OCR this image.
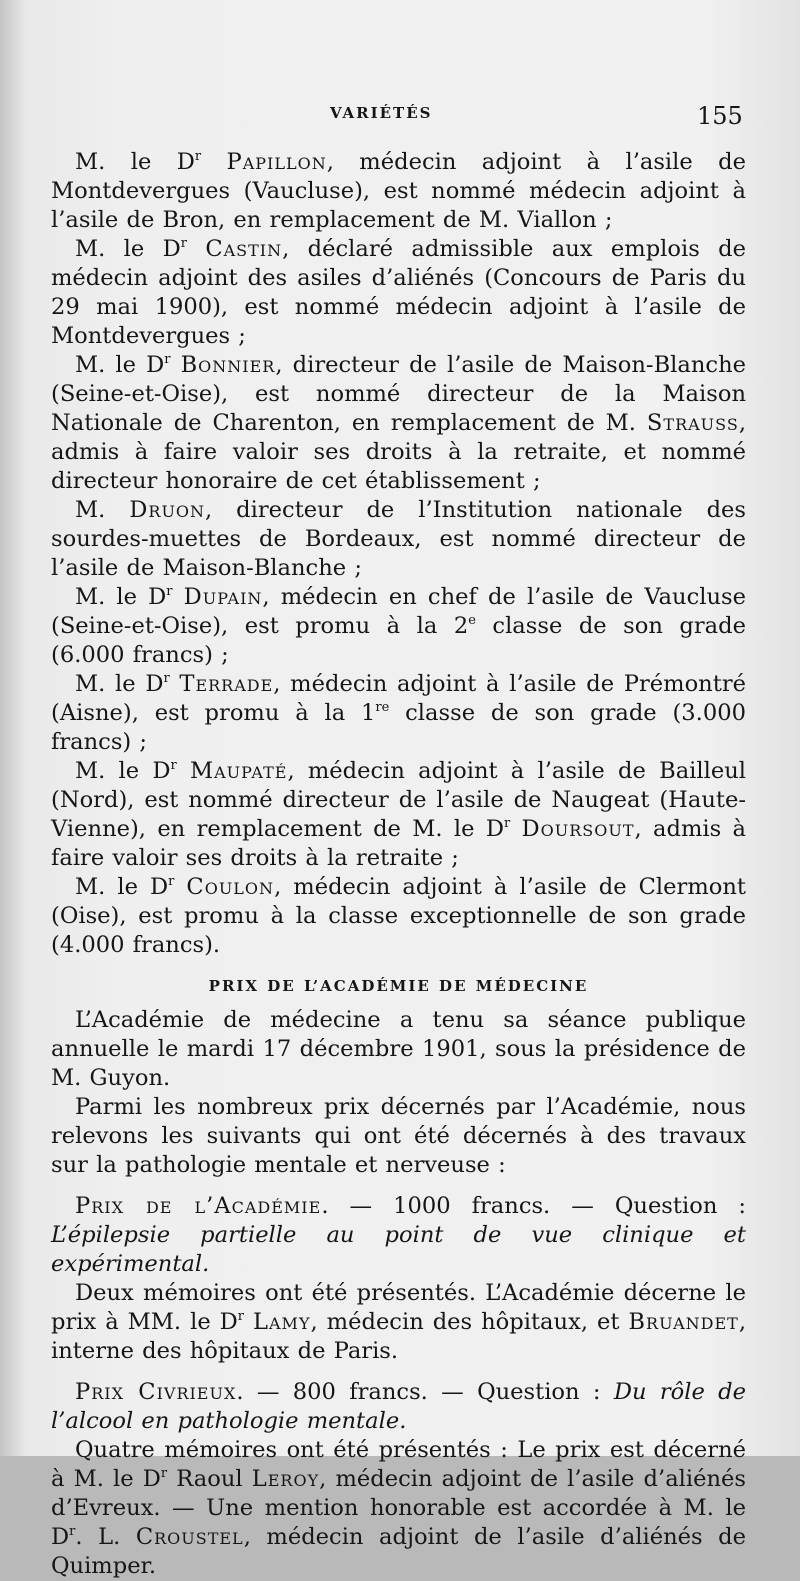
VARIÉTÉS	155

M. le $D^r$ Papillon, médecin adjoint à l’asile de Montdevergues (Vaucluse), est nommé médecin adjoint à l’asile de Bron, en remplacement de M. Viallon ;

M. le $D^r$ Castin, déclaré admissible aux emplois de médecin adjoint des asiles d’aliénés (Concours de Paris du 29 mai 1900), est nommé médecin adjoint à l’asile de Montdevergues ;

M. le $D^r$ Bonnier, directeur de l’asile de Maison-Blanche (Seine-et-Oise), est nommé directeur de la Maison Nationale de Charenton, en remplacement de M. Strauss, admis à faire valoir ses droits à la retraite, et nommé directeur honoraire de cet établissement ;

M. Druon, directeur de l’Institution nationale des sourdes-muettes de Bordeaux, est nommé directeur de l’asile de Maison-Blanche ;

M. le $D^r$ Dupain, médecin en chef de l’asile de Vaucluse (Seine-et-Oise), est promu à la 2e classe de son grade (6.000 francs) ;

M. le $D^r$ Terrade, médecin adjoint à l’asile de Prémontré (Aisne), est promu à la 1re classe de son grade (3.000 francs) ;

M. le $D^r$ Maupaté, médecin adjoint à l’asile de Bailleul (Nord), est nommé directeur de l’asile de Naugeat (Haute-Vienne), en remplacement de M. le $D^r$ Doursout, admis à faire valoir ses droits à la retraite ;

M. le $D^r$ Coulon, médecin adjoint à l’asile de Clermont (Oise), est promu à la classe exceptionnelle de son grade (4.000 francs).

PRIX DE L’ACADÉMIE DE MÉDECINE

L’Académie de médecine a tenu sa séance publique annuelle le mardi 17 décembre 1901, sous la présidence de M. Guyon.

Parmi les nombreux prix décernés par l’Académie, nous relevons les suivants qui ont été décernés à des travaux sur la pathologie mentale et nerveuse :

Prix de l’Académie. — 1000 francs. — Question : L’épilepsie partielle au point de vue clinique et expérimental.

Deux mémoires ont été présentés. L’Académie décerne le prix à MM. le $D^r$ Lamy, médecin des hôpitaux, et Bruandet, interne des hôpitaux de Paris.

Prix Civrieux. — 800 francs. — Question : Du rôle de l’alcool en pathologie mentale.

Quatre mémoires ont été présentés : Le prix est décerné à M. le $D^r$ Raoul Leroy, médecin adjoint de l’asile d’aliénés d’Evreux. — Une mention honorable est accordée à M. le $D^r$. L. Croustel, médecin adjoint de l’asile d’aliénés de Quimper.
